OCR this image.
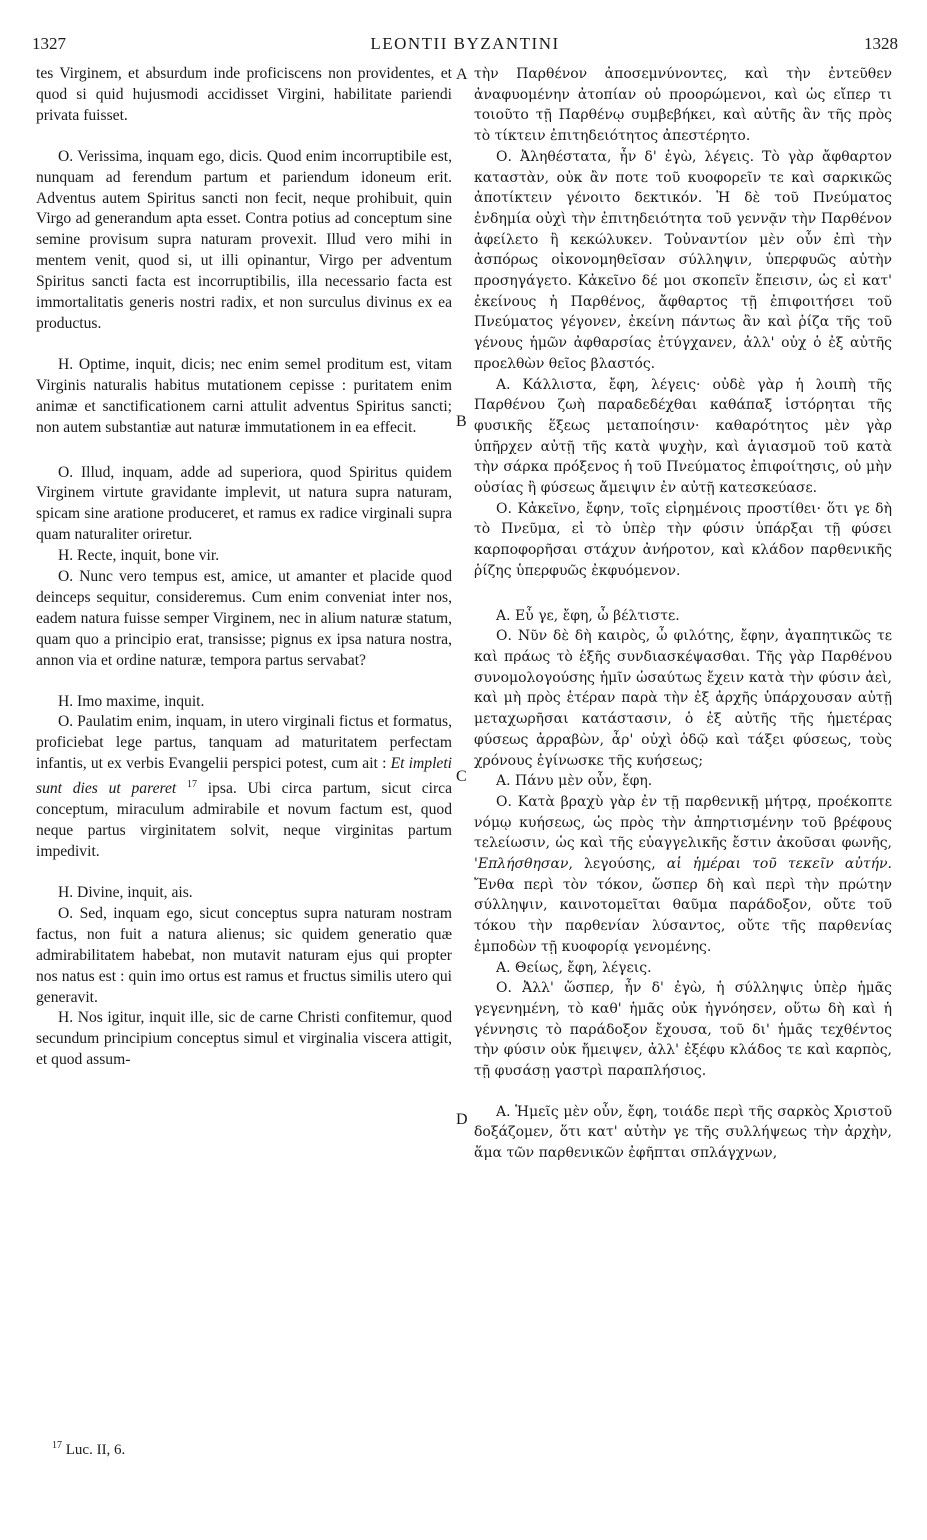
1327	LEONTII BYZANTINI	1328

tes Virginem, et absurdum inde proficiscens non providentes, et quod si quid hujusmodi accidisset Virgini, habilitate pariendi privata fuisset.

O. Verissima, inquam ego, dicis. Quod enim incorruptibile est, nunquam ad ferendum partum et pariendum idoneum erit. Adventus autem Spiritus sancti non fecit, neque prohibuit, quin Virgo ad generandum apta esset. Contra potius ad conceptum sine semine provisum supra naturam provexit. Illud vero mihi in mentem venit, quod si, ut illi opinantur, Virgo per adventum Spiritus sancti facta est incorruptibilis, illa necessario facta est immortalitatis generis nostri radix, et non surculus divinus ex ea productus.

H. Optime, inquit, dicis; nec enim semel proditum est, vitam Virginis naturalis habitus mutationem cepisse : puritatem enim animæ et sanctificationem carni attulit adventus Spiritus sancti; non autem substantiæ aut naturæ immutationem in ea effecit.

O. Illud, inquam, adde ad superiora, quod Spiritus quidem Virginem virtute gravidante implevit, ut natura supra naturam, spicam sine aratione produceret, et ramus ex radice virginali supra quam naturaliter oriretur.

H. Recte, inquit, bone vir.

O. Nunc vero tempus est, amice, ut amanter et placide quod deinceps sequitur, consideremus. Cum enim conveniat inter nos, eadem natura fuisse semper Virginem, nec in alium naturæ statum, quam quo a principio erat, transisse; pignus ex ipsa natura nostra, annon via et ordine naturæ, tempora partus servabat?

H. Imo maxime, inquit.

O. Paulatim enim, inquam, in utero virginali fictus et formatus, proficiebat lege partus, tanquam ad maturitatem perfectam infantis, ut ex verbis Evangelii perspici potest, cum ait : Et impleti sunt dies ut pareret $^{17}$ ipsa. Ubi circa partum, sicut circa conceptum, miraculum admirabile et novum factum est, quod neque partus virginitatem solvit, neque virginitas partum impedivit.

H. Divine, inquit, ais.

O. Sed, inquam ego, sicut conceptus supra naturam nostram factus, non fuit a natura alienus; sic quidem generatio quæ admirabilitatem habebat, non mutavit naturam ejus qui propter nos natus est : quin imo ortus est ramus et fructus similis utero qui generavit.

H. Nos igitur, inquit ille, sic de carne Christi confitemur, quod secundum principium conceptus simul et virginalia viscera attigit, et quod assum-

τὴν Παρθένον ἀποσεμνύνοντες, καὶ τὴν ἐντεῦθεν ἀναφυομένην ἀτοπίαν οὐ προορώμενοι, καὶ ὡς εἴπερ τι τοιοῦτο τῇ Παρθένῳ συμβεβήκει, καὶ αὐτῆς ἂν τῆς πρὸς τὸ τίκτειν ἐπιτηδειότητος ἀπεστέρητο.

Ο. Ἀληθέστατα, ἦν δ' ἐγὼ, λέγεις. Τὸ γὰρ ἄφθαρτον καταστὰν, οὐκ ἂν ποτε τοῦ κυοφορεῖν τε καὶ σαρκικῶς ἀποτίκτειν γένοιτο δεκτικόν. Ἡ δὲ τοῦ Πνεύματος ἐνδημία οὐχὶ τὴν ἐπιτηδειότητα τοῦ γεννᾷν τὴν Παρθένον ἀφείλετο ἢ κεκώλυκεν. Τοὐναντίον μὲν οὖν ἐπὶ τὴν ἀσπόρως οἰκονομηθεῖσαν σύλληψιν, ὑπερφυῶς αὐτὴν προσηγάγετο. Κἀκεῖνο δέ μοι σκοπεῖν ἔπεισιν, ὡς εἰ κατ' ἐκείνους ἡ Παρθένος, ἄφθαρτος τῇ ἐπιφοιτήσει τοῦ Πνεύματος γέγονεν, ἐκείνη πάντως ἂν καὶ ῥίζα τῆς τοῦ γένους ἡμῶν ἀφθαρσίας ἐτύγχανεν, ἀλλ' οὐχ ὁ ἐξ αὐτῆς προελθὼν θεῖος βλαστός.

Α. Κάλλιστα, ἔφη, λέγεις· οὐδὲ γὰρ ἡ λοιπὴ τῆς Παρθένου ζωὴ παραδεδέχθαι καθάπαξ ἱστόρηται τῆς φυσικῆς ἕξεως μεταποίησιν· καθαρότητος μὲν γὰρ ὑπῆρχεν αὐτῇ τῆς κατὰ ψυχὴν, καὶ ἁγιασμοῦ τοῦ κατὰ τὴν σάρκα πρόξενος ἡ τοῦ Πνεύματος ἐπιφοίτησις, οὐ μὴν οὐσίας ἢ φύσεως ἄμειψιν ἐν αὐτῇ κατεσκεύασε.

Ο. Κἀκεῖνο, ἔφην, τοῖς εἰρημένοις προστίθει· ὅτι γε δὴ τὸ Πνεῦμα, εἰ τὸ ὑπὲρ τὴν φύσιν ὑπάρξαι τῇ φύσει καρποφορῆσαι στάχυν ἀνήροτον, καὶ κλάδον παρθενικῆς ῥίζης ὑπερφυῶς ἐκφυόμενον.

Α. Εὖ γε, ἔφη, ὦ βέλτιστε.

Ο. Νῦν δὲ δὴ καιρὸς, ὦ φιλότης, ἔφην, ἀγαπητικῶς τε καὶ πράως τὸ ἑξῆς συνδιασκέψασθαι. Τῆς γὰρ Παρθένου συνομολογούσης ἡμῖν ὡσαύτως ἔχειν κατὰ τὴν φύσιν ἀεὶ, καὶ μὴ πρὸς ἑτέραν παρὰ τὴν ἐξ ἀρχῆς ὑπάρχουσαν αὐτῇ μεταχωρῆσαι κατάστασιν, ὁ ἐξ αὐτῆς τῆς ἡμετέρας φύσεως ἀρραβὼν, ἆρ' οὐχὶ ὁδῷ καὶ τάξει φύσεως, τοὺς χρόνους ἐγίνωσκε τῆς κυήσεως;

Α. Πάνυ μὲν οὖν, ἔφη.

Ο. Κατὰ βραχὺ γὰρ ἐν τῇ παρθενικῇ μήτρᾳ, προέκοπτε νόμῳ κυήσεως, ὡς πρὸς τὴν ἀπηρτισμένην τοῦ βρέφους τελείωσιν, ὡς καὶ τῆς εὐαγγελικῆς ἔστιν ἀκοῦσαι φωνῆς, 'Επλήσθησαν, λεγούσης, αἱ ἡμέραι τοῦ τεκεῖν αὐτήν. Ἔνθα περὶ τὸν τόκον, ὥσπερ δὴ καὶ περὶ τὴν πρώτην σύλληψιν, καινοτομεῖται θαῦμα παράδοξον, οὔτε τοῦ τόκου τὴν παρθενίαν λύσαντος, οὔτε τῆς παρθενίας ἐμποδὼν τῇ κυοφορίᾳ γενομένης.

Α. Θείως, ἔφη, λέγεις.

Ο. Ἀλλ' ὥσπερ, ἦν δ' ἐγὼ, ἡ σύλληψις ὑπὲρ ἡμᾶς γεγενημένη, τὸ καθ' ἡμᾶς οὐκ ἠγνόησεν, οὕτω δὴ καὶ ἡ γέννησις τὸ παράδοξον ἔχουσα, τοῦ δι' ἡμᾶς τεχθέντος τὴν φύσιν οὐκ ἤμειψεν, ἀλλ' ἐξέφυ κλάδος τε καὶ καρπὸς, τῇ φυσάσῃ γαστρὶ παραπλήσιος.

Α. Ἡμεῖς μὲν οὖν, ἔφη, τοιάδε περὶ τῆς σαρκὸς Χριστοῦ δοξάζομεν, ὅτι κατ' αὐτὴν γε τῆς συλλήψεως τὴν ἀρχὴν, ἅμα τῶν παρθενικῶν ἐφῆπται σπλάγχνων,

A
B
C
D
$^{17}$ Luc. II, 6.
